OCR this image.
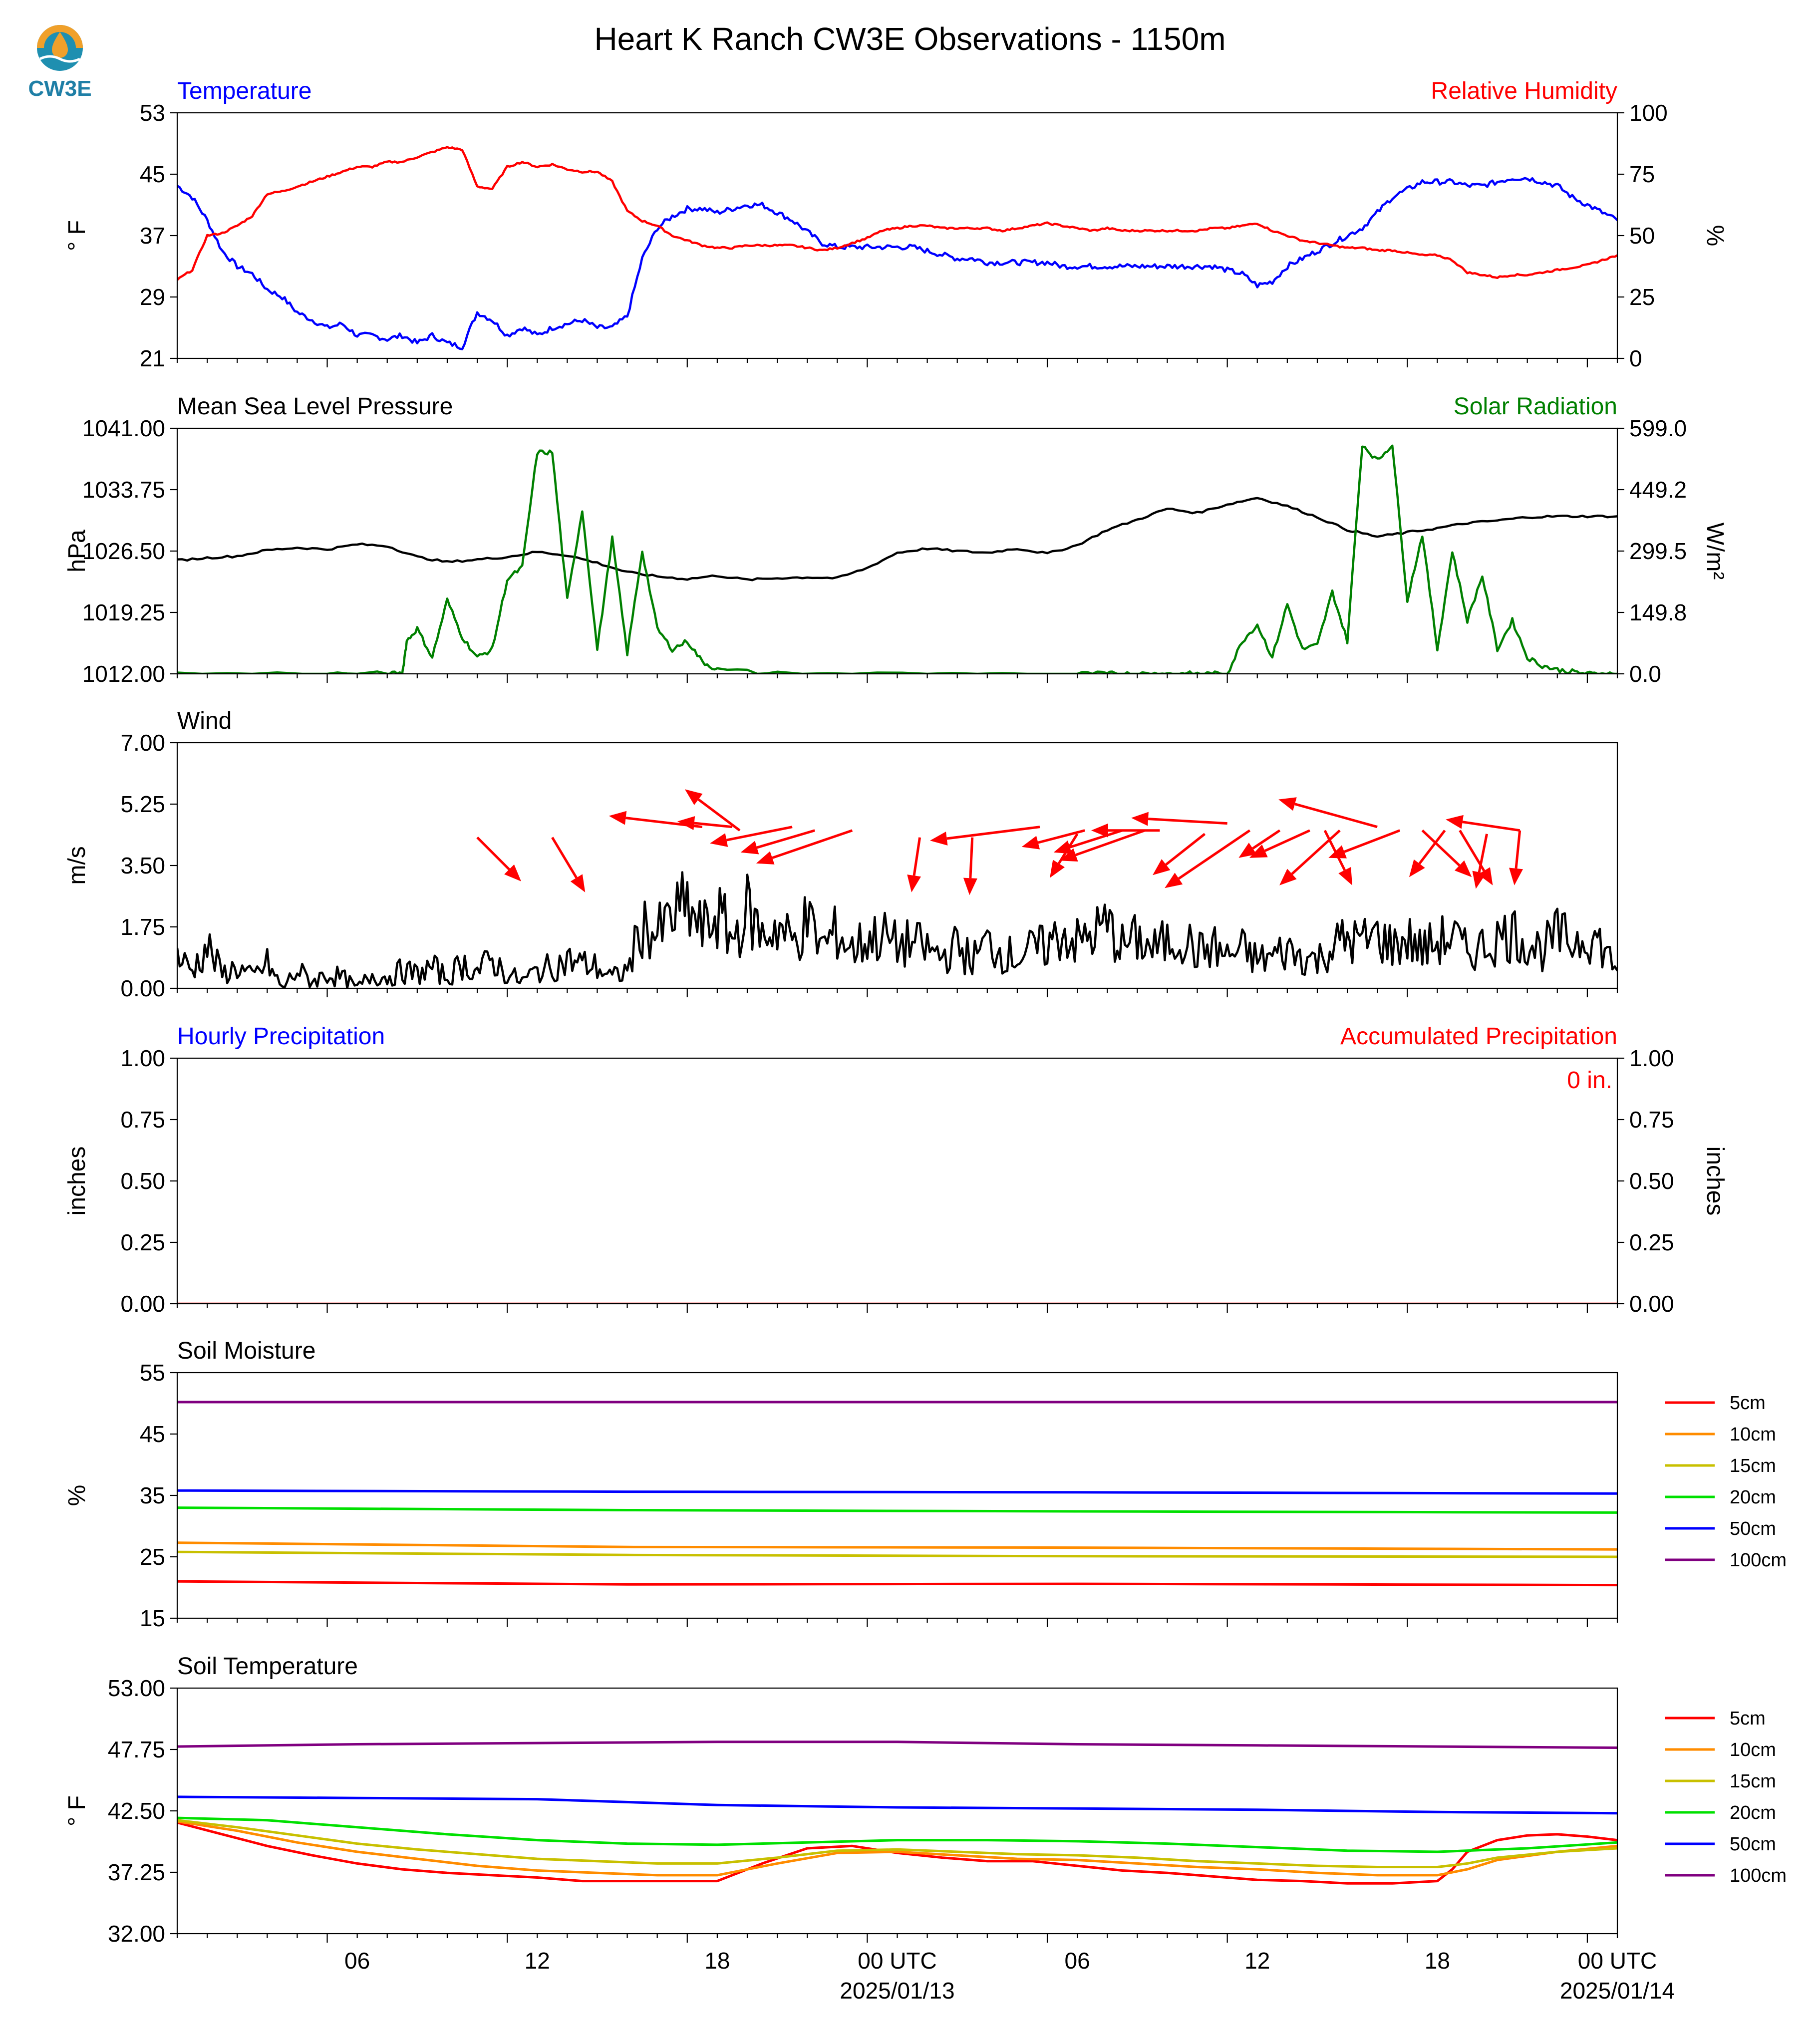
Heart K Ranch CW3E Observations - 1150m
CW3E	Temperature	Relative Humidity
53
45
37
29
21
100
75
50
25
0
° F	%
Mean Sea Level Pressure	Solar Radiation
1041.00
1033.75
1026.50
1019.25
1012.00
599.0
449.2
299.5
149.8
0.0
hPa	W/m²
Wind
7.00
5.25
3.50
1.75
0.00
m/s
Hourly Precipitation	Accumulated Precipitation
1.00
0.75
0.50
0.25
0.00
1.00
0.75
0.50
0.25
0.00
inches	inches
0 in.
Soil Moisture
55
45
35
25
15
%
Soil Temperature
53.00
47.75
42.50
37.25
32.00
° F
06	12	18	00 UTC
2025/01/13
06	12	18	00 UTC
2025/01/14
5cm
10cm
15cm
20cm
50cm
100cm
5cm
10cm
15cm
20cm
50cm
100cm
